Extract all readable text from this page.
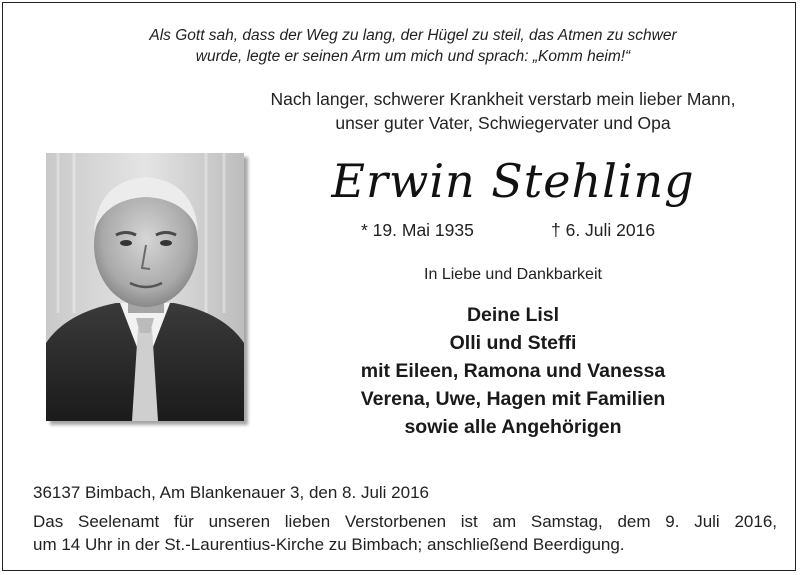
Als Gott sah, dass der Weg zu lang, der Hügel zu steil, das Atmen zu schwer
wurde, legte er seinen Arm um mich und sprach: „Komm heim!“
Nach langer, schwerer Krankheit verstarb mein lieber Mann,
unser guter Vater, Schwiegervater und Opa
Erwin Stehling
* 19. Mai 1935	† 6. Juli 2016
In Liebe und Dankbarkeit
Deine Lisl
Olli und Steffi
mit Eileen, Ramona und Vanessa
Verena, Uwe, Hagen mit Familien
sowie alle Angehörigen
36137 Bimbach, Am Blankenauer 3, den 8. Juli 2016
Das Seelenamt für unseren lieben Verstorbenen ist am Samstag, dem 9. Juli 2016,
um 14 Uhr in der St.-Laurentius-Kirche zu Bimbach; anschließend Beerdigung.
